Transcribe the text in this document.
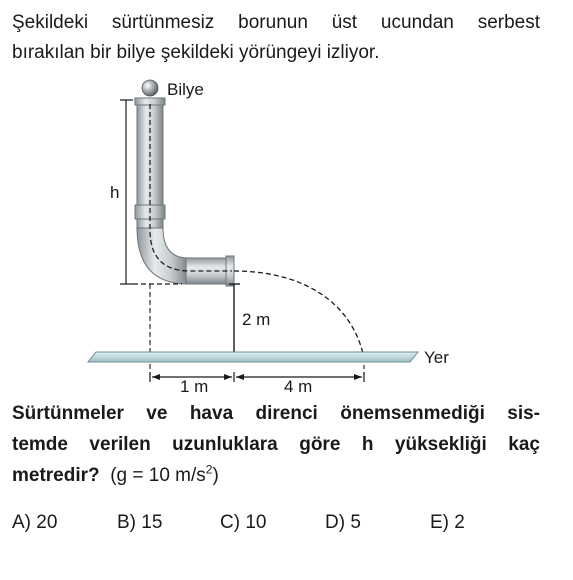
Şekildeki sürtünmesiz borunun üst ucundan serbest
bırakılan bir bilye şekildeki yörüngeyi izliyor.
Bilye
h
2 m
Yer
1 m	4 m
Sürtünmeler ve hava direnci önemsenmediği sis-
temde verilen uzunluklara göre h yüksekliği kaç
metredir? (g = 10 $m/s^2$)
A) 20	B) 15	C) 10	D) 5	E) 2
